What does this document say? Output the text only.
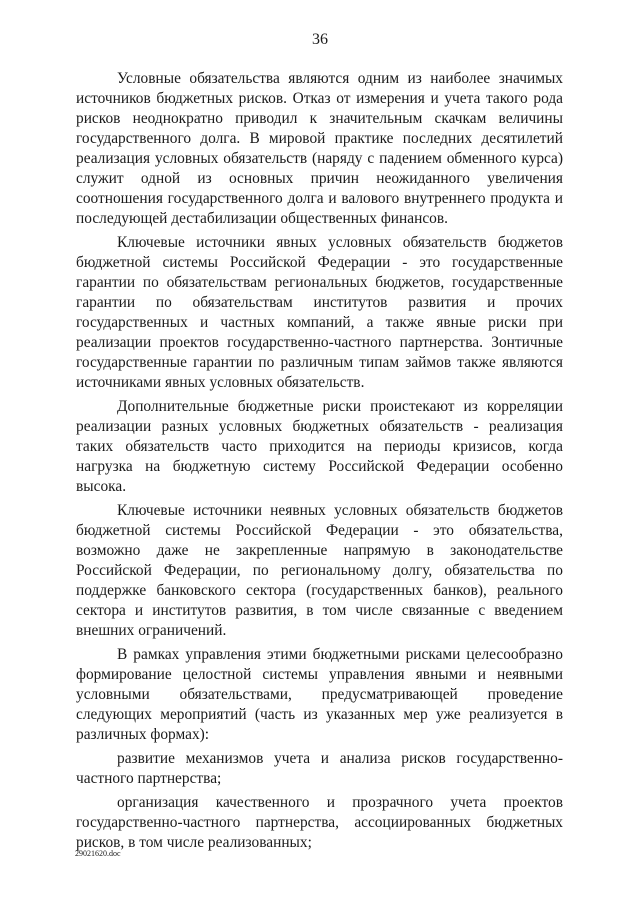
36

Условные обязательства являются одним из наиболее значимых источников бюджетных рисков. Отказ от измерения и учета такого рода рисков неоднократно приводил к значительным скачкам величины государственного долга. В мировой практике последних десятилетий реализация условных обязательств (наряду с падением обменного курса) служит одной из основных причин неожиданного увеличения соотношения государственного долга и валового внутреннего продукта и последующей дестабилизации общественных финансов.

Ключевые источники явных условных обязательств бюджетов бюджетной системы Российской Федерации - это государственные гарантии по обязательствам региональных бюджетов, государственные гарантии по обязательствам институтов развития и прочих государственных и частных компаний, а также явные риски при реализации проектов государственно-частного партнерства. Зонтичные государственные гарантии по различным типам займов также являются источниками явных условных обязательств.

Дополнительные бюджетные риски проистекают из корреляции реализации разных условных бюджетных обязательств - реализация таких обязательств часто приходится на периоды кризисов, когда нагрузка на бюджетную систему Российской Федерации особенно высока.

Ключевые источники неявных условных обязательств бюджетов бюджетной системы Российской Федерации - это обязательства, возможно даже не закрепленные напрямую в законодательстве Российской Федерации, по региональному долгу, обязательства по поддержке банковского сектора (государственных банков), реального сектора и институтов развития, в том числе связанные с введением внешних ограничений.

В рамках управления этими бюджетными рисками целесообразно формирование целостной системы управления явными и неявными условными обязательствами, предусматривающей проведение следующих мероприятий (часть из указанных мер уже реализуется в различных формах):

развитие механизмов учета и анализа рисков государственно-частного партнерства;

организация качественного и прозрачного учета проектов государственно-частного партнерства, ассоциированных бюджетных рисков, в том числе реализованных;

29021620.doc
